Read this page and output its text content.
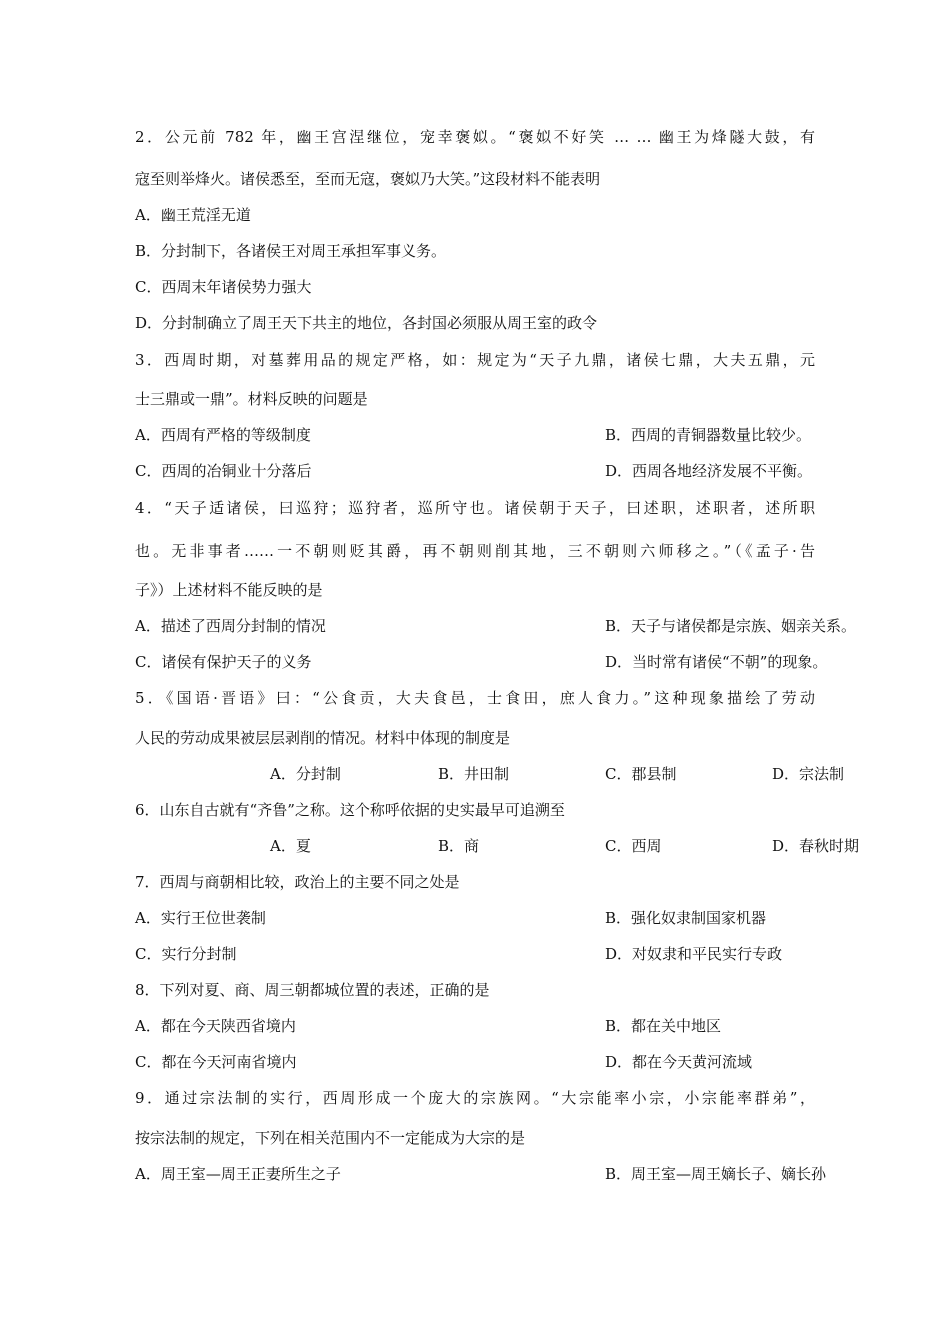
2．公元前 782 年，幽王宫涅继位，宠幸褒姒。“褒姒不好笑 … … 幽王为烽隧大鼓，有
寇至则举烽火。诸侯悉至，至而无寇，褒姒乃大笑。”这段材料不能表明
A．幽王荒淫无道
B．分封制下，各诸侯王对周王承担军事义务。
C．西周末年诸侯势力强大
D．分封制确立了周王天下共主的地位，各封国必须服从周王室的政令
3．西周时期，对墓葬用品的规定严格，如：规定为“天子九鼎，诸侯七鼎，大夫五鼎，元
士三鼎或一鼎”。材料反映的问题是
A．西周有严格的等级制度	B．西周的青铜器数量比较少。
C．西周的冶铜业十分落后	D．西周各地经济发展不平衡。
4．“天子适诸侯，曰巡狩；巡狩者，巡所守也。诸侯朝于天子，曰述职，述职者，述所职
也。无非事者……一不朝则贬其爵，再不朝则削其地，三不朝则六师移之。”（《孟子·告
子》）上述材料不能反映的是
A．描述了西周分封制的情况	B．天子与诸侯都是宗族、姻亲关系。
C．诸侯有保护天子的义务	D．当时常有诸侯“不朝”的现象。
5．《国语·晋语》曰：“公食贡，大夫食邑，士食田，庶人食力。”这种现象描绘了劳动
人民的劳动成果被层层剥削的情况。材料中体现的制度是
A．分封制	B．井田制	C．郡县制	D．宗法制
6．山东自古就有“齐鲁”之称。这个称呼依据的史实最早可追溯至
A．夏	B．商	C．西周	D．春秋时期
7．西周与商朝相比较，政治上的主要不同之处是
A．实行王位世袭制	B．强化奴隶制国家机器
C．实行分封制	D．对奴隶和平民实行专政
8．下列对夏、商、周三朝都城位置的表述，正确的是
A．都在今天陕西省境内	B．都在关中地区
C．都在今天河南省境内	D．都在今天黄河流域
9．通过宗法制的实行，西周形成一个庞大的宗族网。“大宗能率小宗，小宗能率群弟”，
按宗法制的规定，下列在相关范围内不一定能成为大宗的是
A．周王室—周王正妻所生之子	B．周王室—周王嫡长子、嫡长孙
